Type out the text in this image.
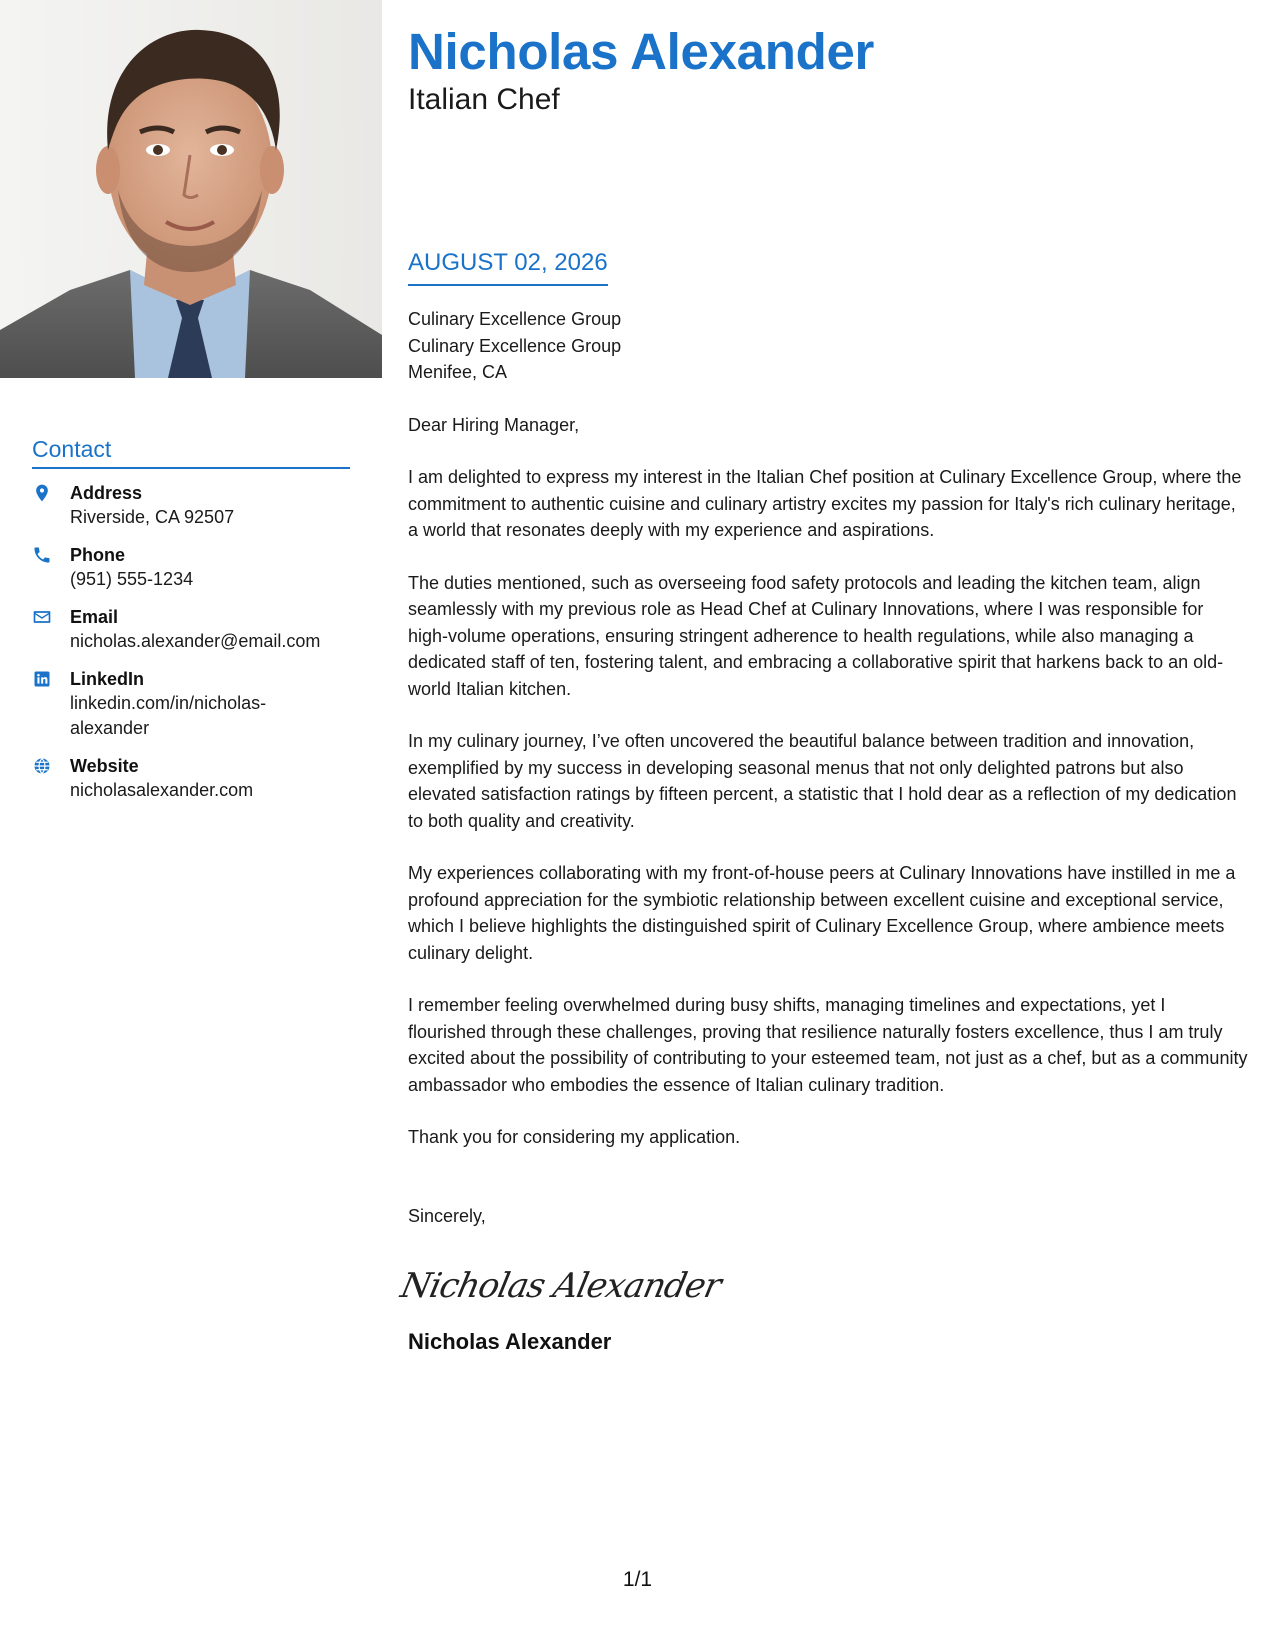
Contact
Address
Riverside, CA 92507
Phone
(951) 555-1234
Email
nicholas.alexander@email.com
LinkedIn
linkedin.com/in/nicholas-alexander
Website
nicholasalexander.com
Nicholas Alexander
Italian Chef
AUGUST 02, 2026
Culinary Excellence Group
Culinary Excellence Group
Menifee, CA
Dear Hiring Manager,
I am delighted to express my interest in the Italian Chef position at Culinary Excellence Group, where the commitment to authentic cuisine and culinary artistry excites my passion for Italy's rich culinary heritage, a world that resonates deeply with my experience and aspirations.
The duties mentioned, such as overseeing food safety protocols and leading the kitchen team, align seamlessly with my previous role as Head Chef at Culinary Innovations, where I was responsible for high-volume operations, ensuring stringent adherence to health regulations, while also managing a dedicated staff of ten, fostering talent, and embracing a collaborative spirit that harkens back to an old-world Italian kitchen.
In my culinary journey, I’ve often uncovered the beautiful balance between tradition and innovation, exemplified by my success in developing seasonal menus that not only delighted patrons but also elevated satisfaction ratings by fifteen percent, a statistic that I hold dear as a reflection of my dedication to both quality and creativity.
My experiences collaborating with my front-of-house peers at Culinary Innovations have instilled in me a profound appreciation for the symbiotic relationship between excellent cuisine and exceptional service, which I believe highlights the distinguished spirit of Culinary Excellence Group, where ambience meets culinary delight.
I remember feeling overwhelmed during busy shifts, managing timelines and expectations, yet I flourished through these challenges, proving that resilience naturally fosters excellence, thus I am truly excited about the possibility of contributing to your esteemed team, not just as a chef, but as a community ambassador who embodies the essence of Italian culinary tradition.
Thank you for considering my application.
Sincerely,
Nicholas Alexander
Nicholas Alexander
1/1
